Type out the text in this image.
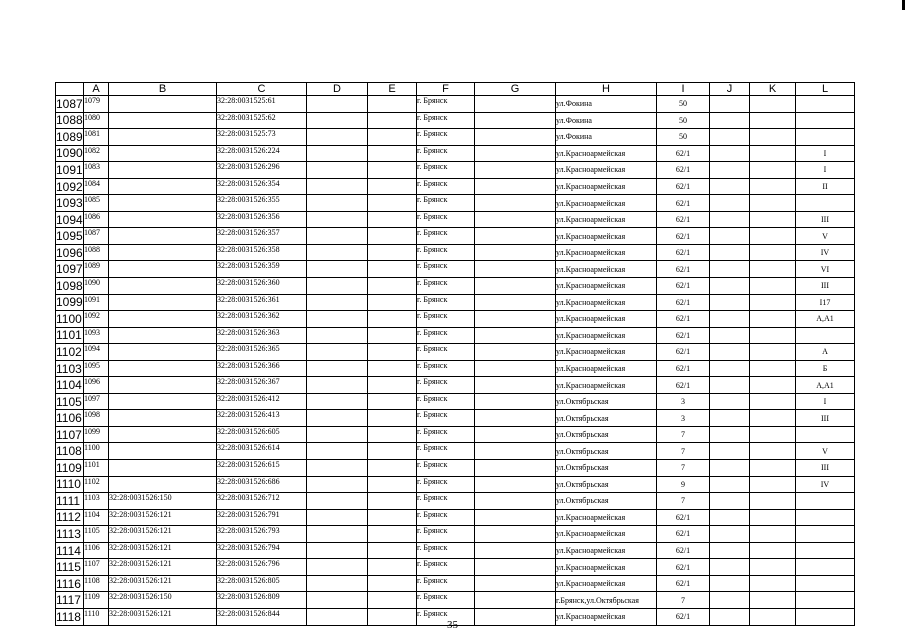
	A	B	C	D	E	F	G	H	I	J	K	L
1087	1079		32:28:0031525:61			г. Брянск		ул.Фокина	50			
1088	1080		32:28:0031525:62			г. Брянск		ул.Фокина	50			
1089	1081		32:28:0031525:73			г. Брянск		ул.Фокина	50			
1090	1082		32:28:0031526:224			г. Брянск		ул.Красноармейская	62/1			I
1091	1083		32:28:0031526:296			г. Брянск		ул.Красноармейская	62/1			I
1092	1084		32:28:0031526:354			г. Брянск		ул.Красноармейская	62/1			II
1093	1085		32:28:0031526:355			г. Брянск		ул.Красноармейская	62/1			
1094	1086		32:28:0031526:356			г. Брянск		ул.Красноармейская	62/1			III
1095	1087		32:28:0031526:357			г. Брянск		ул.Красноармейская	62/1			V
1096	1088		32:28:0031526:358			г. Брянск		ул.Красноармейская	62/1			IV
1097	1089		32:28:0031526:359			г. Брянск		ул.Красноармейская	62/1			VI
1098	1090		32:28:0031526:360			г. Брянск		ул.Красноармейская	62/1			III
1099	1091		32:28:0031526:361			г. Брянск		ул.Красноармейская	62/1			I17
1100	1092		32:28:0031526:362			г. Брянск		ул.Красноармейская	62/1			А,А1
1101	1093		32:28:0031526:363			г. Брянск		ул.Красноармейская	62/1			
1102	1094		32:28:0031526:365			г. Брянск		ул.Красноармейская	62/1			А
1103	1095		32:28:0031526:366			г. Брянск		ул.Красноармейская	62/1			Б
1104	1096		32:28:0031526:367			г. Брянск		ул.Красноармейская	62/1			А,А1
1105	1097		32:28:0031526:412			г. Брянск		ул.Октябрьская	3			I
1106	1098		32:28:0031526:413			г. Брянск		ул.Октябрьская	3			III
1107	1099		32:28:0031526:605			г. Брянск		ул.Октябрьская	7			
1108	1100		32:28:0031526:614			г. Брянск		ул.Октябрьская	7			V
1109	1101		32:28:0031526:615			г. Брянск		ул.Октябрьская	7			III
1110	1102		32:28:0031526:686			г. Брянск		ул.Октябрьская	9			IV
1111	1103	32:28:0031526:150	32:28:0031526:712			г. Брянск		ул.Октябрьская	7			
1112	1104	32:28:0031526:121	32:28:0031526:791			г. Брянск		ул.Красноармейская	62/1			
1113	1105	32:28:0031526:121	32:28:0031526:793			г. Брянск		ул.Красноармейская	62/1			
1114	1106	32:28:0031526:121	32:28:0031526:794			г. Брянск		ул.Красноармейская	62/1			
1115	1107	32:28:0031526:121	32:28:0031526:796			г. Брянск		ул.Красноармейская	62/1			
1116	1108	32:28:0031526:121	32:28:0031526:805			г. Брянск		ул.Красноармейская	62/1			
1117	1109	32:28:0031526:150	32:28:0031526:809			г. Брянск		г.Брянск,ул.Октябрьская	7			
1118	1110	32:28:0031526:121	32:28:0031526:844			г. Брянск		ул.Красноармейская	62/1			
35
